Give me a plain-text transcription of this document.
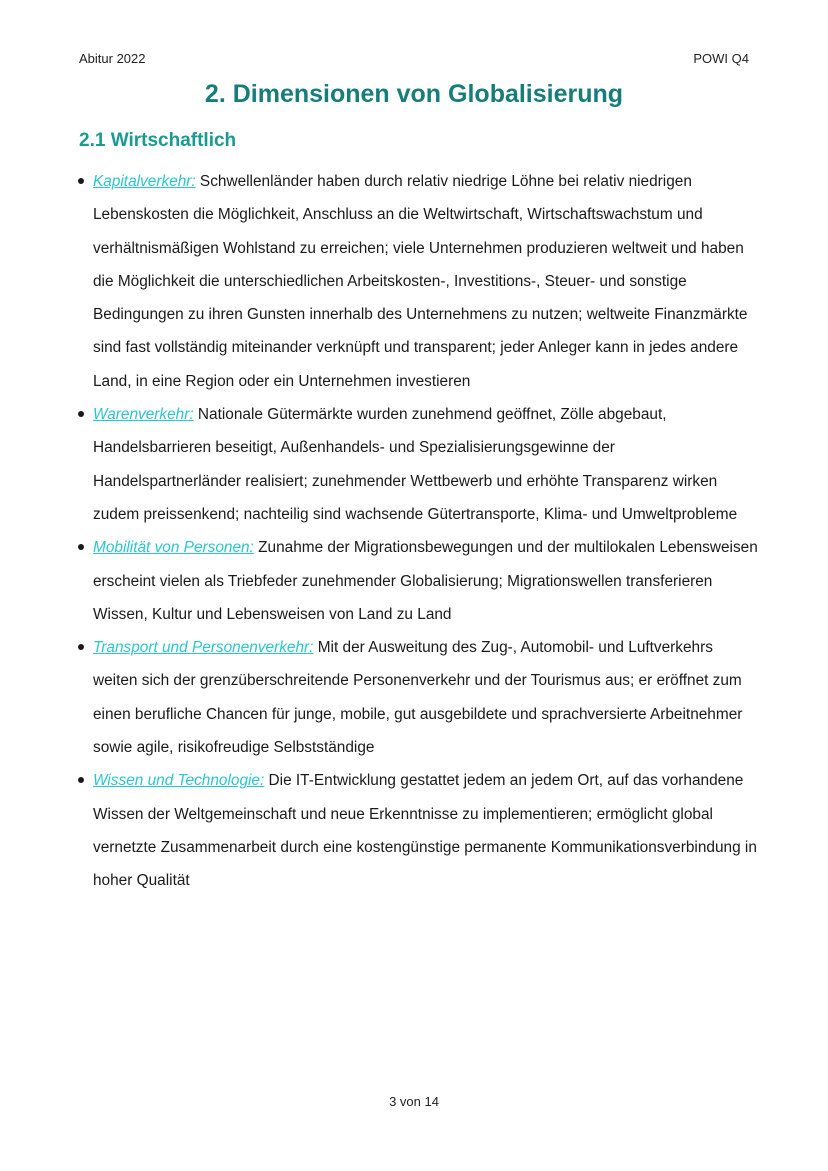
Abitur 2022	POWI Q4
2. Dimensionen von Globalisierung
2.1 Wirtschaftlich
Kapitalverkehr: Schwellenländer haben durch relativ niedrige Löhne bei relativ niedrigen Lebenskosten die Möglichkeit, Anschluss an die Weltwirtschaft, Wirtschaftswachstum und verhältnismäßigen Wohlstand zu erreichen; viele Unternehmen produzieren weltweit und haben die Möglichkeit die unterschiedlichen Arbeitskosten-, Investitions-, Steuer- und sonstige Bedingungen zu ihren Gunsten innerhalb des Unternehmens zu nutzen; weltweite Finanzmärkte sind fast vollständig miteinander verknüpft und transparent; jeder Anleger kann in jedes andere Land, in eine Region oder ein Unternehmen investieren
Warenverkehr: Nationale Gütermärkte wurden zunehmend geöffnet, Zölle abgebaut, Handelsbarrieren beseitigt, Außenhandels- und Spezialisierungsgewinne der Handelspartnerländer realisiert; zunehmender Wettbewerb und erhöhte Transparenz wirken zudem preissenkend; nachteilig sind wachsende Gütertransporte, Klima- und Umweltprobleme
Mobilität von Personen: Zunahme der Migrationsbewegungen und der multilokalen Lebensweisen erscheint vielen als Triebfeder zunehmender Globalisierung; Migrationswellen transferieren Wissen, Kultur und Lebensweisen von Land zu Land
Transport und Personenverkehr: Mit der Ausweitung des Zug-, Automobil- und Luftverkehrs weiten sich der grenzüberschreitende Personenverkehr und der Tourismus aus; er eröffnet zum einen berufliche Chancen für junge, mobile, gut ausgebildete und sprachversierte Arbeitnehmer sowie agile, risikofreudige Selbstständige
Wissen und Technologie: Die IT-Entwicklung gestattet jedem an jedem Ort, auf das vorhandene Wissen der Weltgemeinschaft und neue Erkenntnisse zu implementieren; ermöglicht global vernetzte Zusammenarbeit durch eine kostengünstige permanente Kommunikationsverbindung in hoher Qualität
3 von 14
